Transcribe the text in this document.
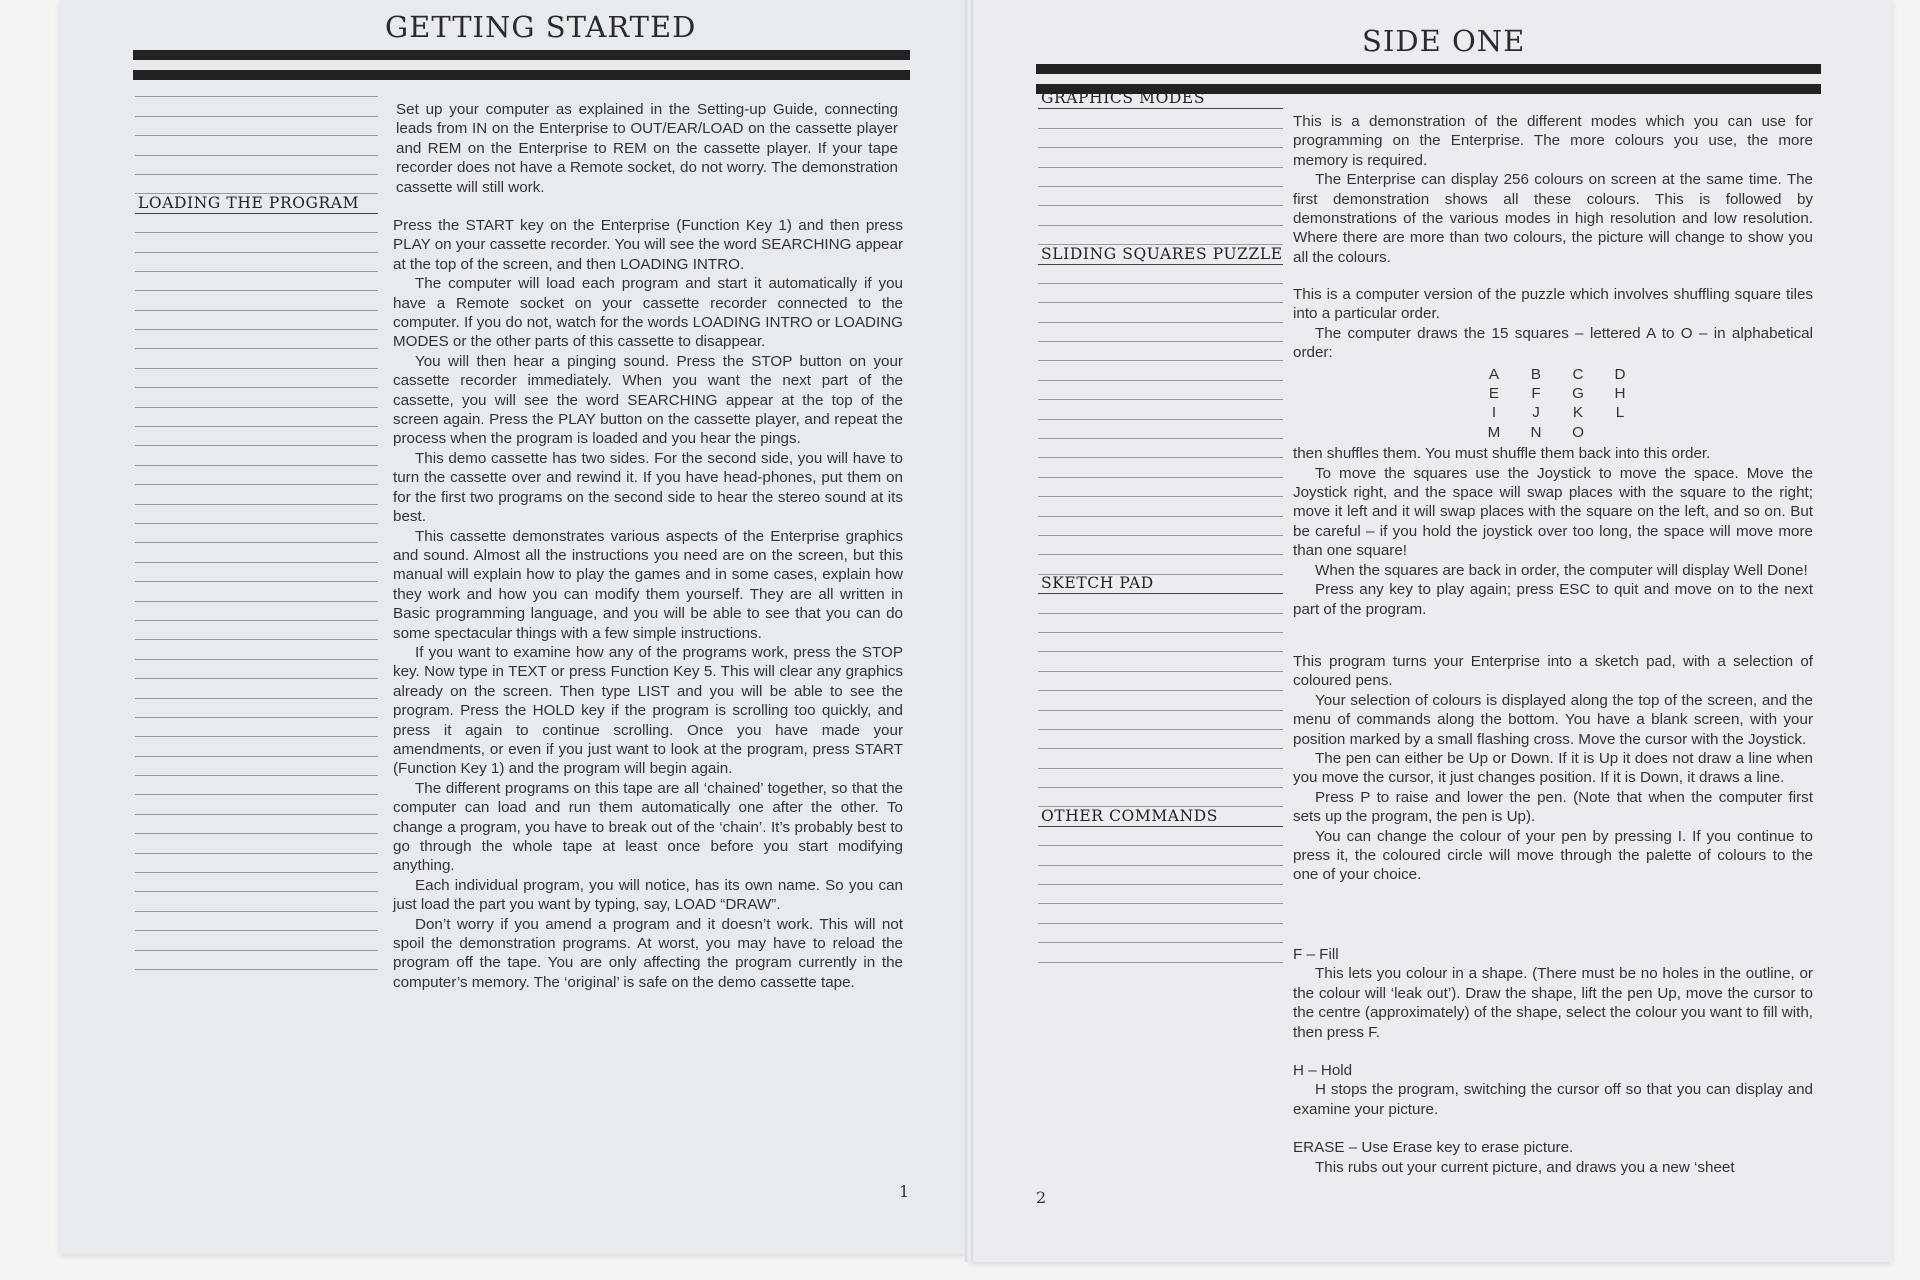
GETTING STARTED
LOADING THE PROGRAM

Set up your computer as explained in the Setting-up Guide, connecting leads from IN on the Enterprise to OUT/EAR/LOAD on the cassette player and REM on the Enterprise to REM on the cassette player. If your tape recorder does not have a Remote socket, do not worry. The demonstration cassette will still work.

Press the START key on the Enterprise (Function Key 1) and then press PLAY on your cassette recorder. You will see the word SEARCHING appear at the top of the screen, and then LOADING INTRO.

The computer will load each program and start it automatically if you have a Remote socket on your cassette recorder connected to the computer. If you do not, watch for the words LOADING INTRO or LOADING MODES or the other parts of this cassette to disappear.

You will then hear a pinging sound. Press the STOP button on your cassette recorder immediately. When you want the next part of the cassette, you will see the word SEARCHING appear at the top of the screen again. Press the PLAY button on the cassette player, and repeat the process when the program is loaded and you hear the pings.

This demo cassette has two sides. For the second side, you will have to turn the cassette over and rewind it. If you have head-phones, put them on for the first two programs on the second side to hear the stereo sound at its best.

This cassette demonstrates various aspects of the Enterprise graphics and sound. Almost all the instructions you need are on the screen, but this manual will explain how to play the games and in some cases, explain how they work and how you can modify them yourself. They are all written in Basic programming language, and you will be able to see that you can do some spectacular things with a few simple instructions.

If you want to examine how any of the programs work, press the STOP key. Now type in TEXT or press Function Key 5. This will clear any graphics already on the screen. Then type LIST and you will be able to see the program. Press the HOLD key if the program is scrolling too quickly, and press it again to continue scrolling. Once you have made your amendments, or even if you just want to look at the program, press START (Function Key 1) and the program will begin again.

The different programs on this tape are all ‘chained’ together, so that the computer can load and run them automatically one after the other. To change a program, you have to break out of the ‘chain’. It’s probably best to go through the whole tape at least once before you start modifying anything.

Each individual program, you will notice, has its own name. So you can just load the part you want by typing, say, LOAD “DRAW”.

Don’t worry if you amend a program and it doesn’t work. This will not spoil the demonstration programs. At worst, you may have to reload the program off the tape. You are only affecting the program currently in the computer’s memory. The ‘original’ is safe on the demo cassette tape.

1
SIDE ONE
GRAPHICS MODES
SLIDING SQUARES PUZZLE
SKETCH PAD
OTHER COMMANDS

This is a demonstration of the different modes which you can use for programming on the Enterprise. The more colours you use, the more memory is required.

The Enterprise can display 256 colours on screen at the same time. The first demonstration shows all these colours. This is followed by demonstrations of the various modes in high resolution and low resolution. Where there are more than two colours, the picture will change to show you all the colours.

This is a computer version of the puzzle which involves shuffling square tiles into a particular order.

The computer draws the 15 squares – lettered A to O – in alphabetical order:

A	B	C	D
E	F	G	H
I	J	K	L
M	N	O

then shuffles them. You must shuffle them back into this order.

To move the squares use the Joystick to move the space. Move the Joystick right, and the space will swap places with the square to the right; move it left and it will swap places with the square on the left, and so on. But be careful – if you hold the joystick over too long, the space will move more than one square!

When the squares are back in order, the computer will display Well Done!

Press any key to play again; press ESC to quit and move on to the next part of the program.

This program turns your Enterprise into a sketch pad, with a selection of coloured pens.

Your selection of colours is displayed along the top of the screen, and the menu of commands along the bottom. You have a blank screen, with your position marked by a small flashing cross. Move the cursor with the Joystick.

The pen can either be Up or Down. If it is Up it does not draw a line when you move the cursor, it just changes position. If it is Down, it draws a line.

Press P to raise and lower the pen. (Note that when the computer first sets up the program, the pen is Up).

You can change the colour of your pen by pressing I. If you continue to press it, the coloured circle will move through the palette of colours to the one of your choice.

F – Fill

This lets you colour in a shape. (There must be no holes in the outline, or the colour will ‘leak out’). Draw the shape, lift the pen Up, move the cursor to the centre (approximately) of the shape, select the colour you want to fill with, then press F.

H – Hold

H stops the program, switching the cursor off so that you can display and examine your picture.

ERASE – Use Erase key to erase picture.

This rubs out your current picture, and draws you a new ‘sheet

2
